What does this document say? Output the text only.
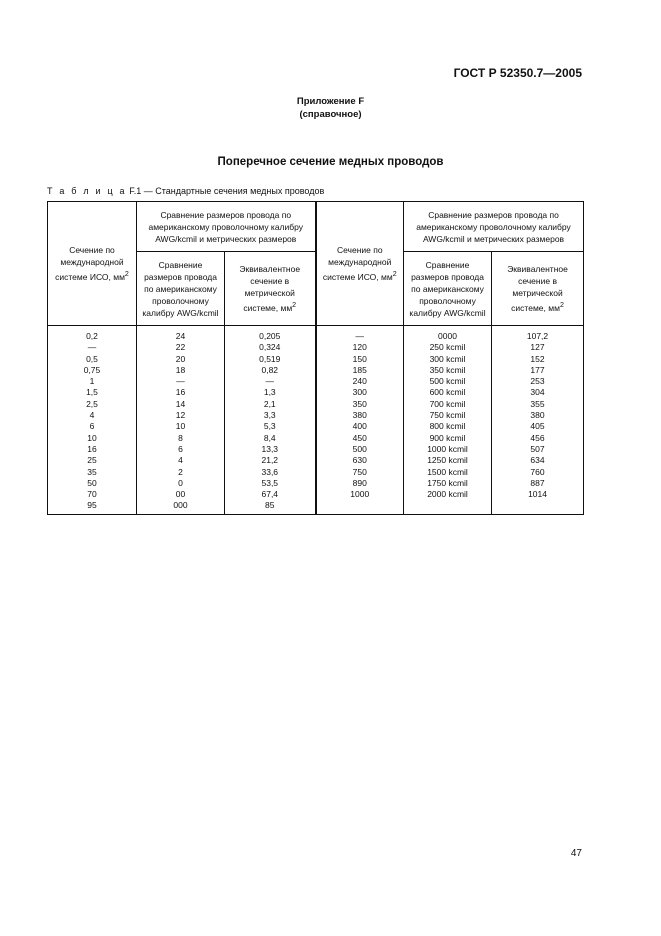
ГОСТ Р 52350.7—2005
Приложение F
(справочное)
Поперечное сечение медных проводов
Т а б л и ц а F.1 — Стандартные сечения медных проводов
Сечение по международной системе ИСО, $мм^2$	Сравнение размеров провода по американскому проволочному калибру AWG/kcmil и метрических размеров		Сечение по международной системе ИСО, $мм^2$	Сравнение размеров провода по американскому проволочному калибру AWG/kcmil и метрических размеров	
	Сравнение размеров провода по американскому проволочному калибру AWG/kcmil	Эквивалентное сечение в метрической системе, $мм^2$		Сравнение размеров провода по американскому проволочному калибру AWG/kcmil	Эквивалентное сечение в метрической системе, $мм^2$
0,2	24	0,205	—	0000	107,2
—	22	0,324	120	250 kcmil	127
0,5	20	0,519	150	300 kcmil	152
0,75	18	0,82	185	350 kcmil	177
1	—	—	240	500 kcmil	253
1,5	16	1,3	300	600 kcmil	304
2,5	14	2,1	350	700 kcmil	355
4	12	3,3	380	750 kcmil	380
6	10	5,3	400	800 kcmil	405
10	8	8,4	450	900 kcmil	456
16	6	13,3	500	1000 kcmil	507
25	4	21,2	630	1250 kcmil	634
35	2	33,6	750	1500 kcmil	760
50	0	53,5	890	1750 kcmil	887
70	00	67,4	1000	2000 kcmil	1014
95	000	85			
47
